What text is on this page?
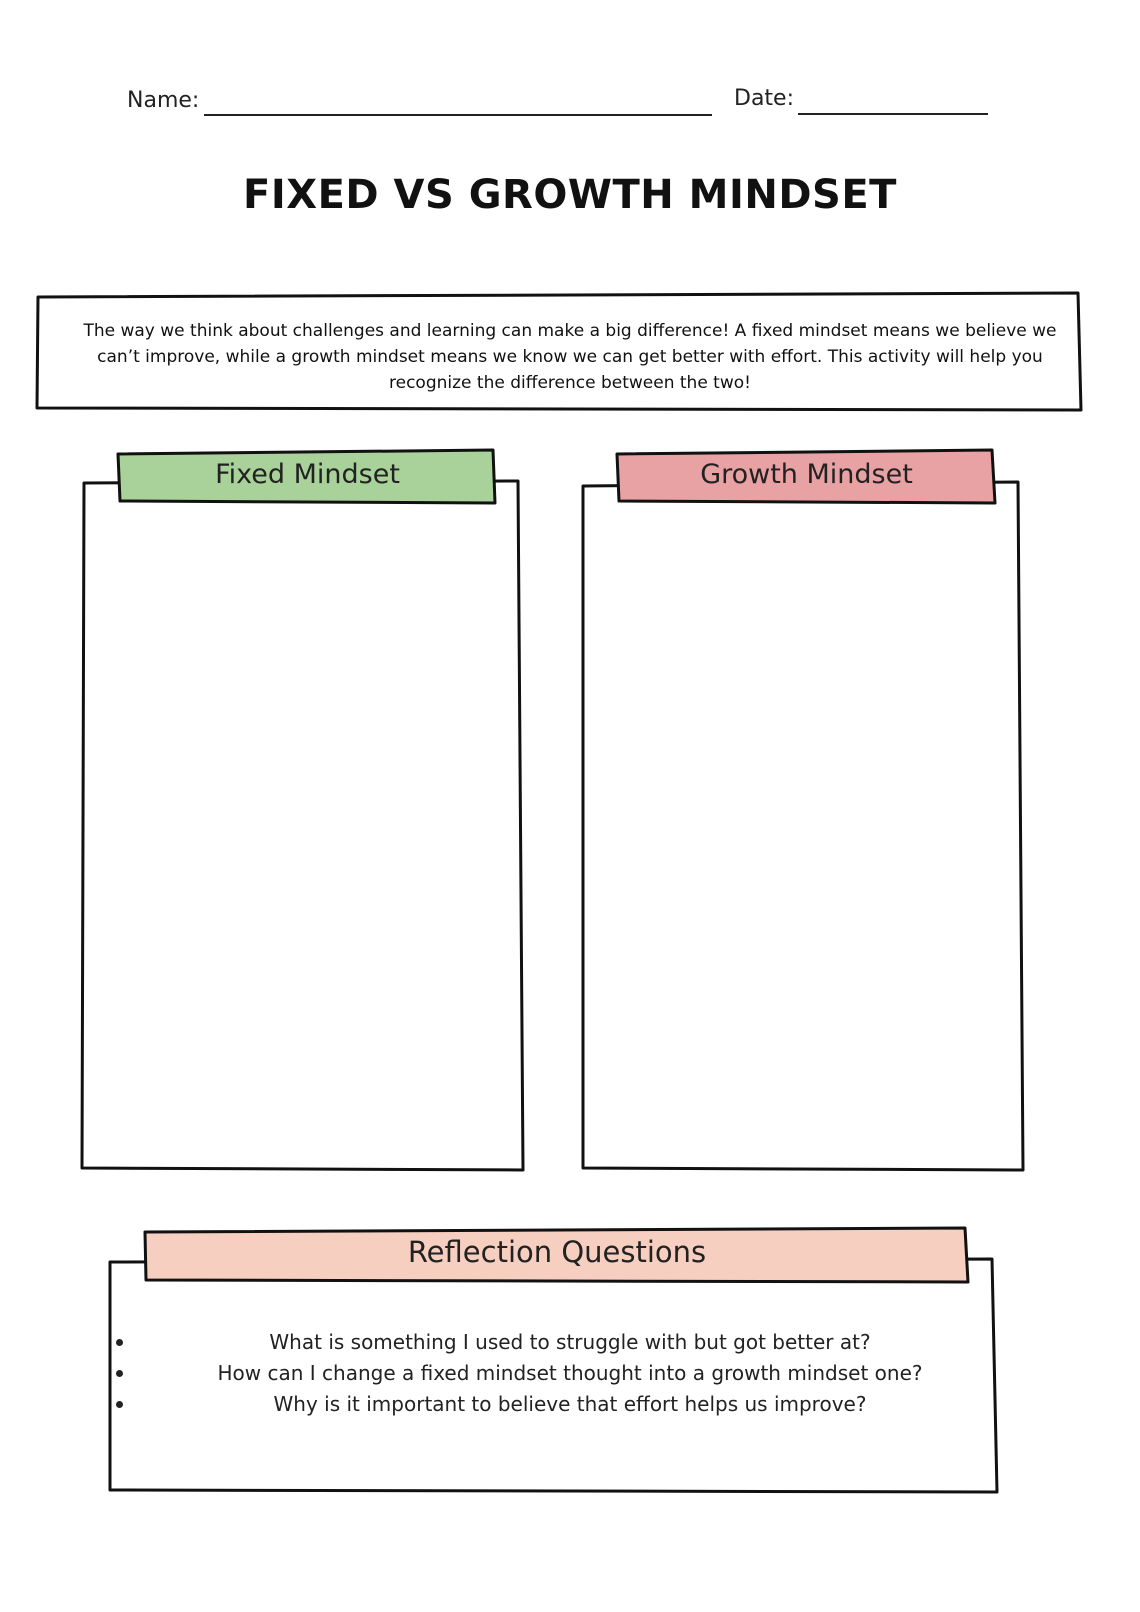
Name:	Date:
FIXED VS GROWTH MINDSET
The way we think about challenges and learning can make a big difference! A fixed mindset means we believe we can’t improve, while a growth mindset means we know we can get better with effort. This activity will help you recognize the difference between the two!
Fixed Mindset	Growth Mindset
Reflection Questions
What is something I used to struggle with but got better at?
How can I change a fixed mindset thought into a growth mindset one?
Why is it important to believe that effort helps us improve?
